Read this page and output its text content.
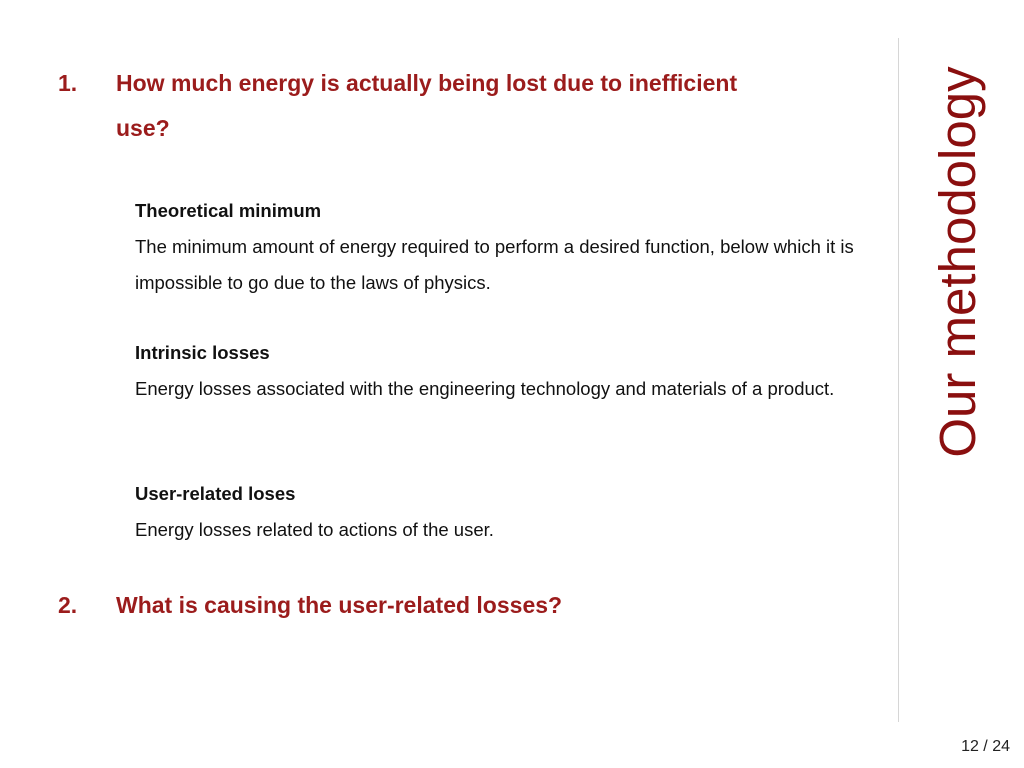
1. How much energy is actually being lost due to inefficient use?
Theoretical minimum
The minimum amount of energy required to perform a desired function, below which it is impossible to go due to the laws of physics.
Intrinsic losses
Energy losses associated with the engineering technology and materials of a product.
User-related loses
Energy losses related to actions of the user.
2. What is causing the user-related losses?
Our methodology
12 / 24
